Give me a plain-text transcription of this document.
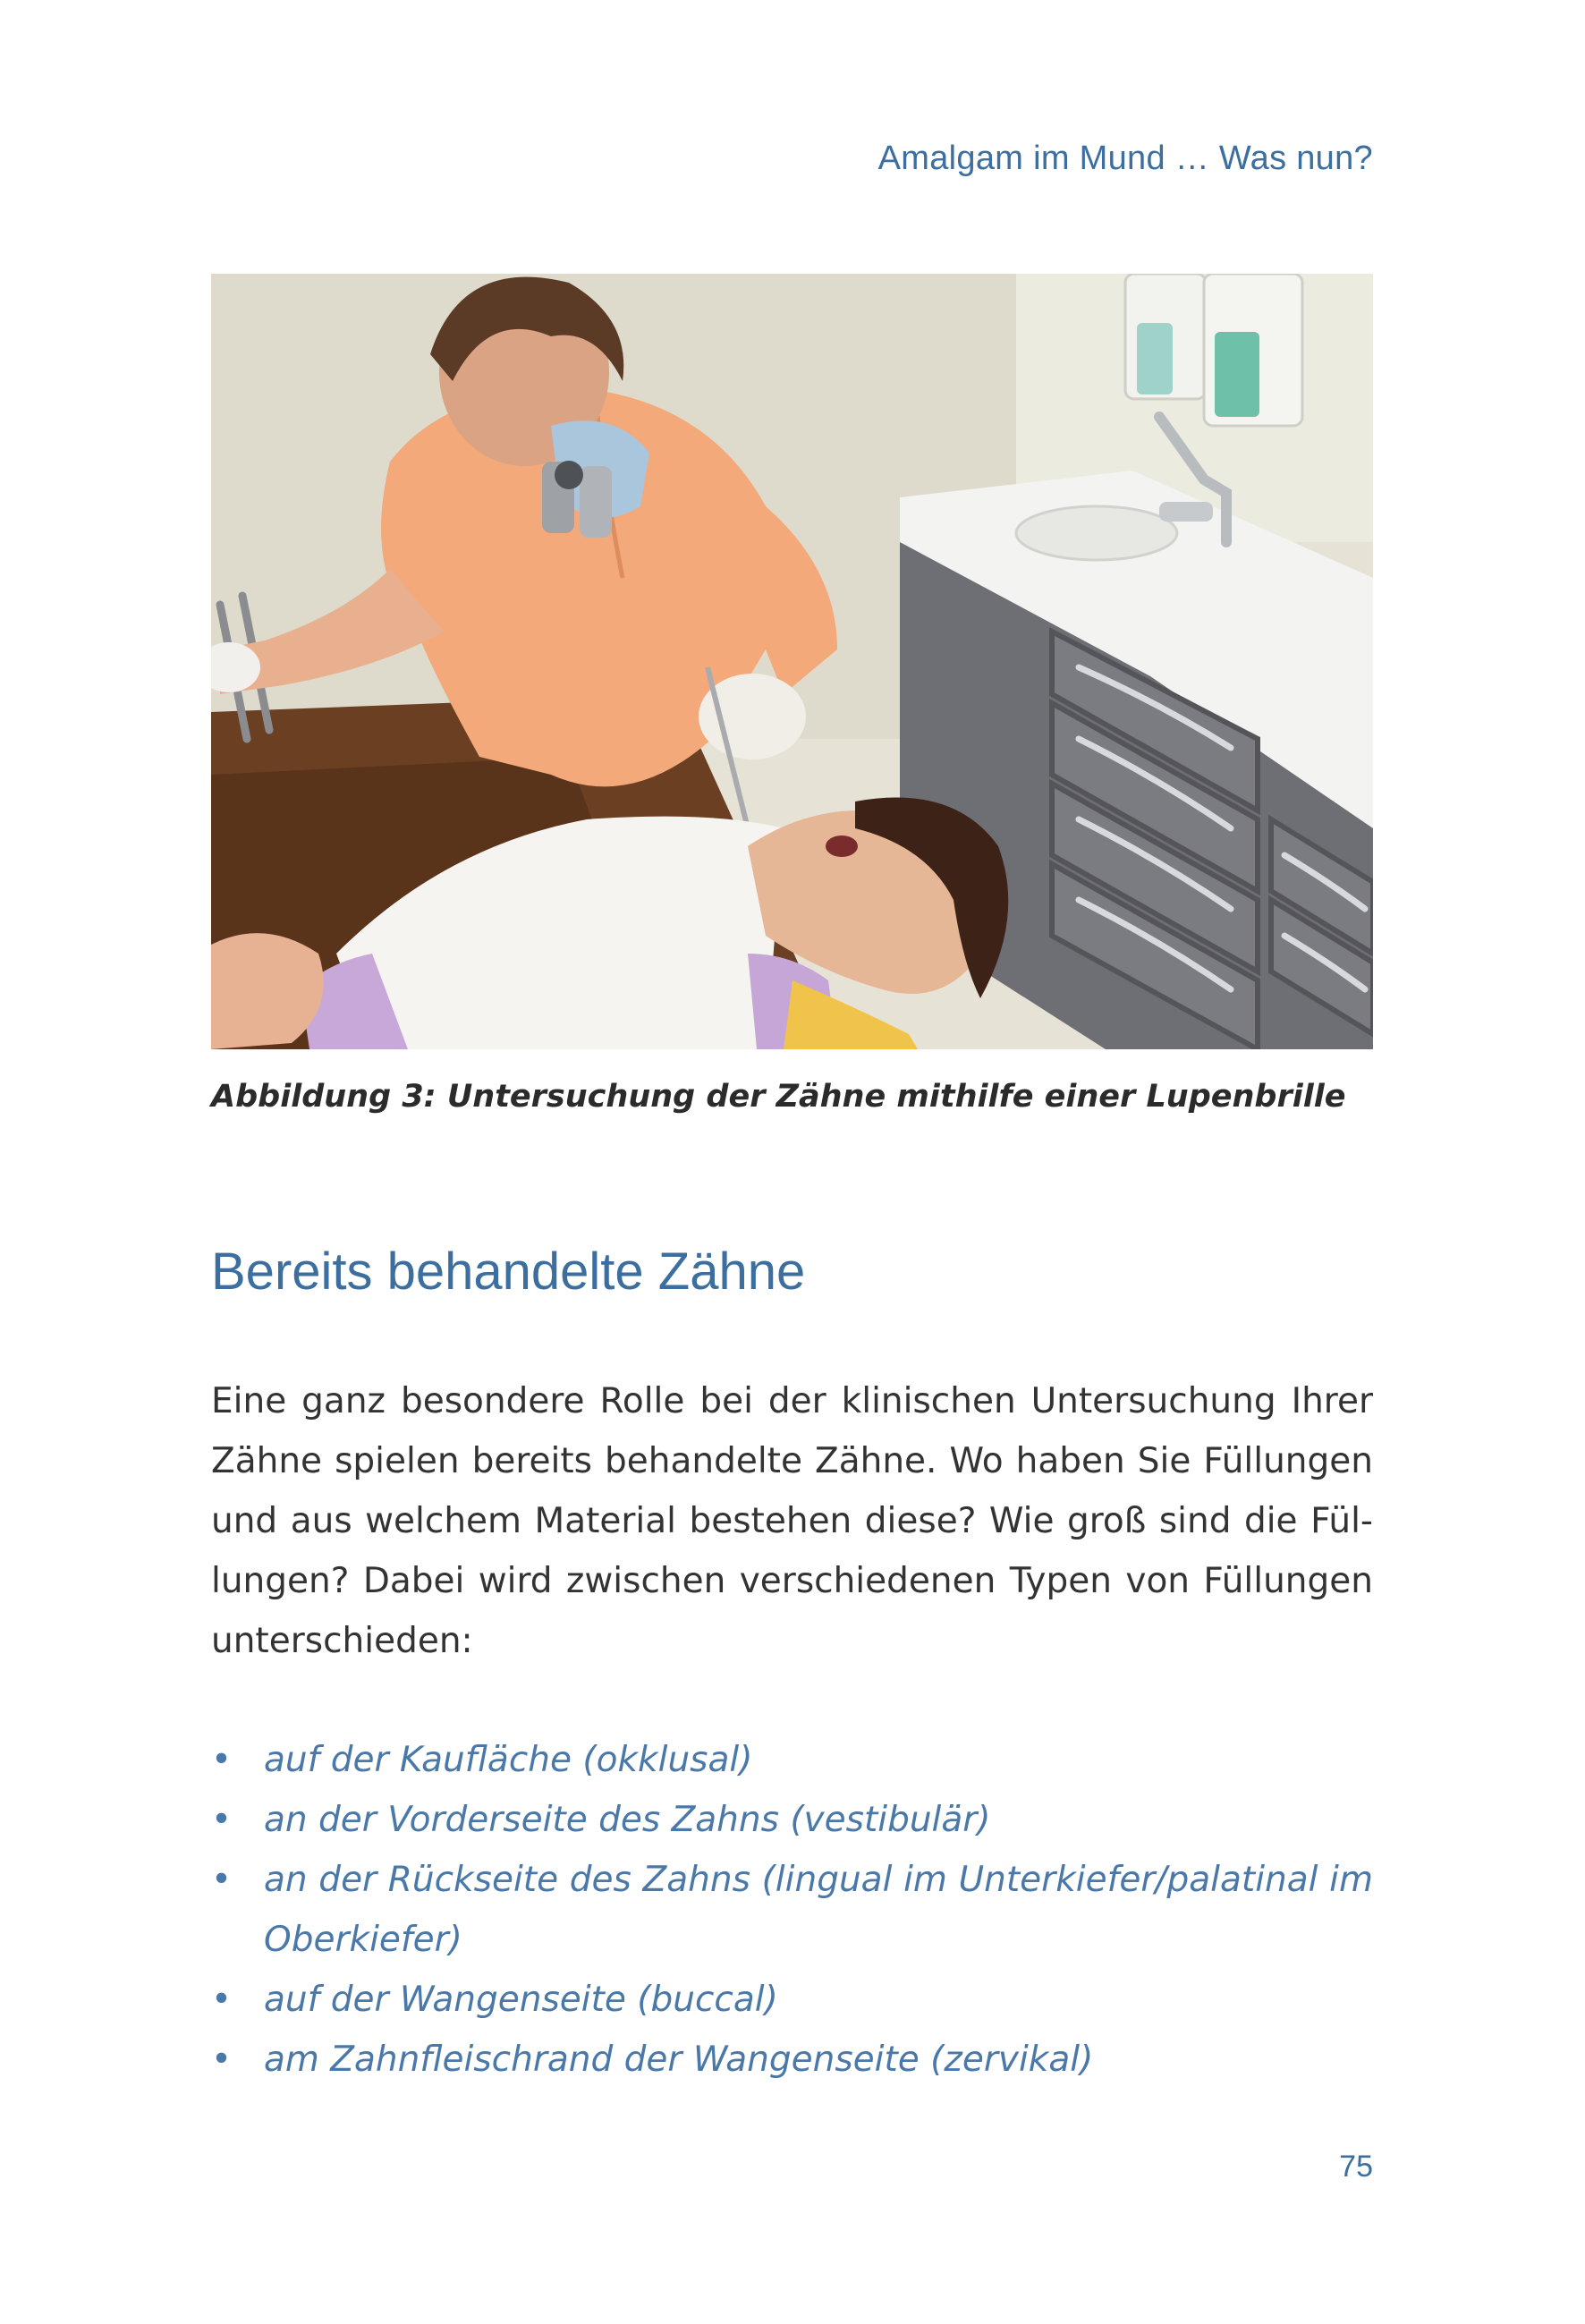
Amalgam im Mund … Was nun?
Abbildung 3: Untersuchung der Zähne mithilfe einer Lupenbrille
Bereits behandelte Zähne

Eine ganz besondere Rolle bei der klinischen Untersuchung Ihrer
Zähne spielen bereits behandelte Zähne. Wo haben Sie Füllungen
und aus welchem Material bestehen diese? Wie groß sind die Fül-
lungen? Dabei wird zwischen verschiedenen Typen von Füllungen
unterschieden:

• auf der Kaufläche (okklusal)
• an der Vorderseite des Zahns (vestibulär)
• an der Rückseite des Zahns (lingual im Unterkiefer/palatinal im
Oberkiefer)
• auf der Wangenseite (buccal)
• am Zahnfleischrand der Wangenseite (zervikal)
75
